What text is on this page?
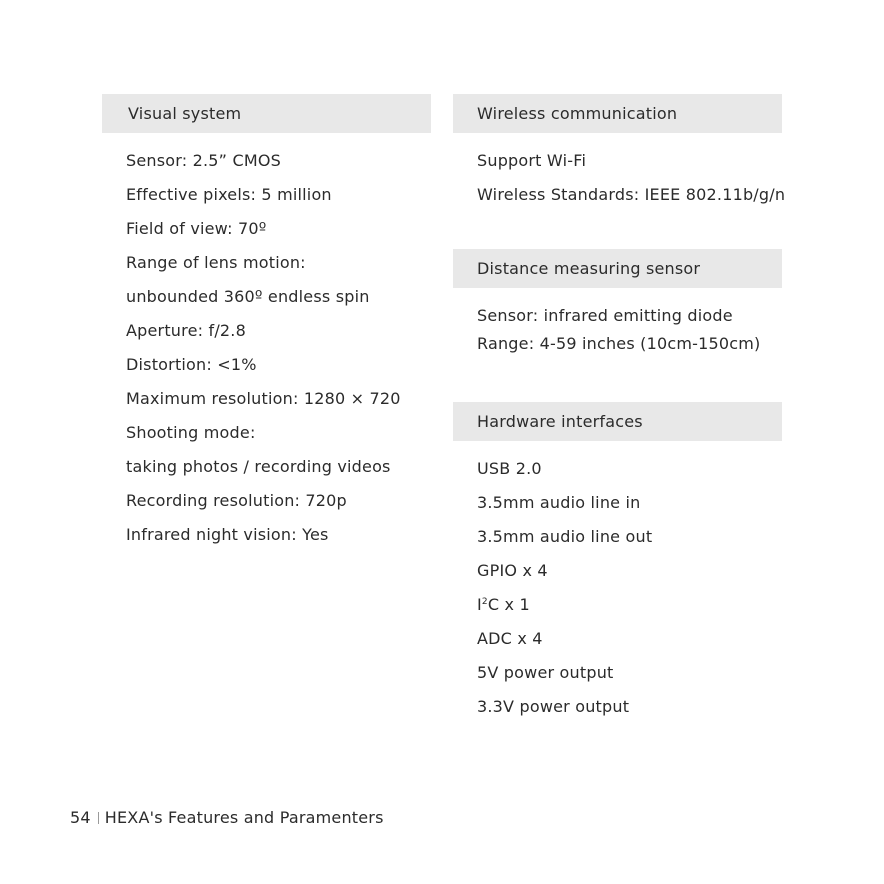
Visual system
Sensor: 2.5” CMOS
Effective pixels: 5 million
Field of view: 70º
Range of lens motion:
unbounded 360º endless spin
Aperture: f/2.8
Distortion: <1%
Maximum resolution: 1280 × 720
Shooting mode:
taking photos / recording videos
Recording resolution: 720p
Infrared night vision: Yes
Wireless communication
Support Wi-Fi
Wireless Standards: IEEE 802.11b/g/n
Distance measuring sensor
Sensor: infrared emitting diode
Range: 4-59 inches (10cm-150cm)
Hardware interfaces
USB 2.0
3.5mm audio line in
3.5mm audio line out
GPIO x 4
$I^2C$ x 1
ADC x 4
5V power output
3.3V power output
54 HEXA's Features and Paramenters
